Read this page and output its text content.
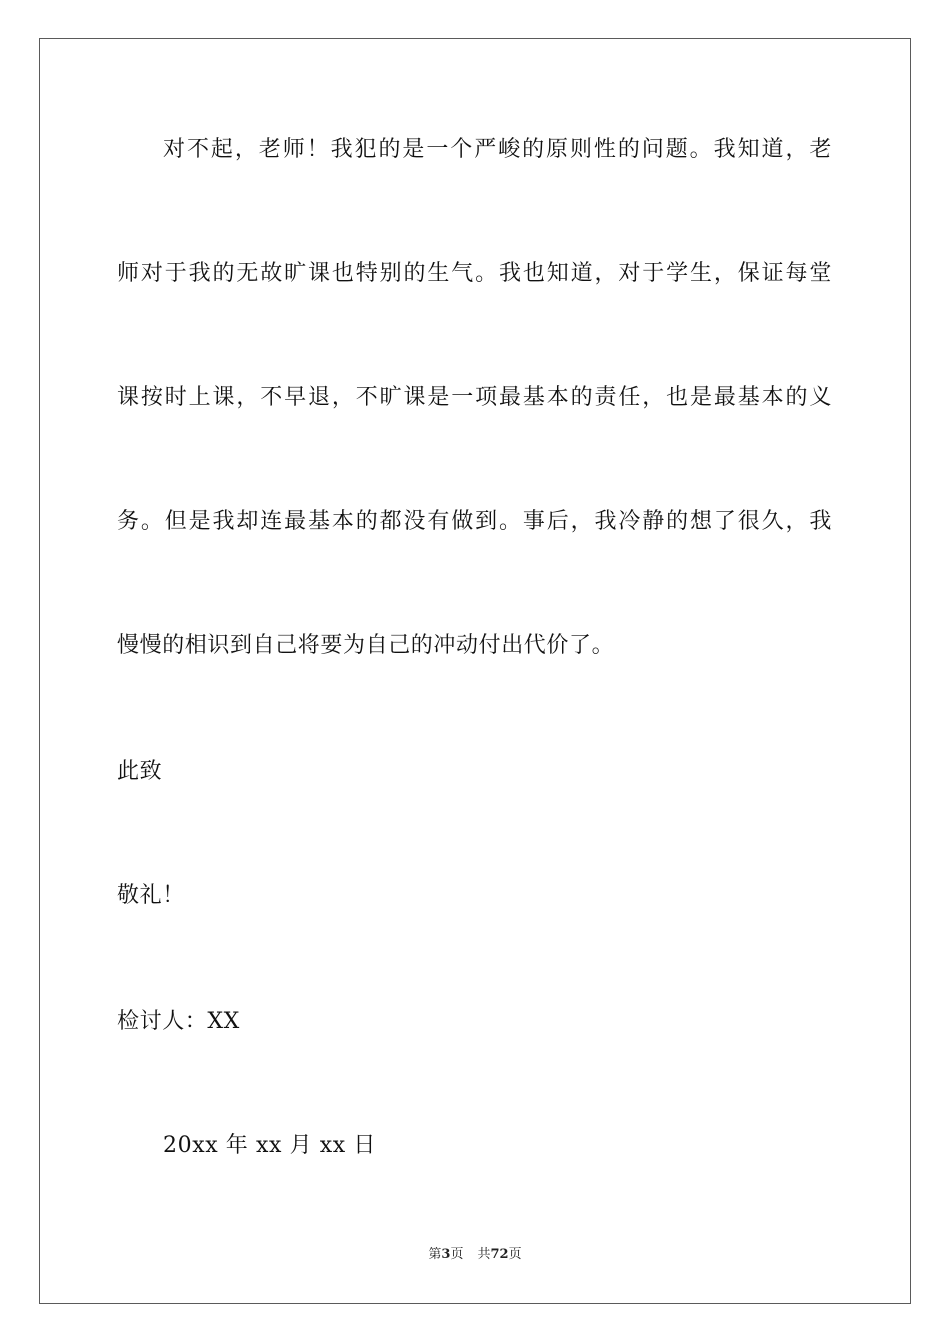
对不起，老师！我犯的是一个严峻的原则性的问题。我知道，老
师对于我的无故旷课也特别的生气。我也知道，对于学生，保证每堂
课按时上课，不早退，不旷课是一项最基本的责任，也是最基本的义
务。但是我却连最基本的都没有做到。事后，我冷静的想了很久，我
慢慢的相识到自己将要为自己的冲动付出代价了。
此致
敬礼！
检讨人：XX
20xx 年 xx 月 xx 日
第3页 共72页
